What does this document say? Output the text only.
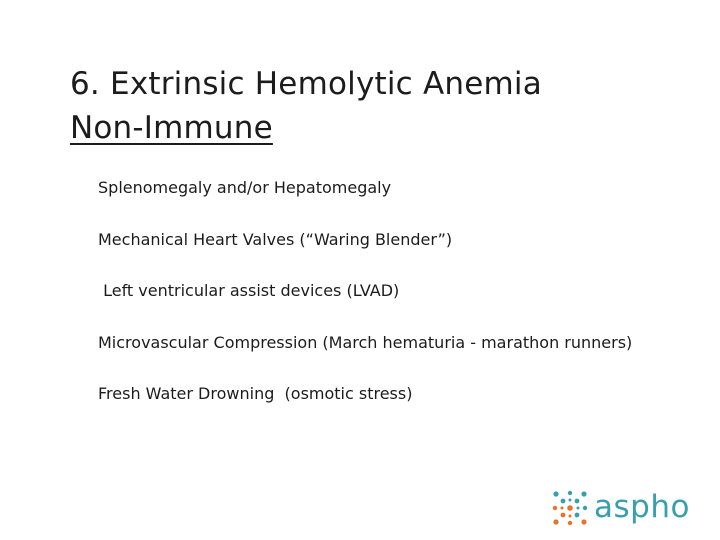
6. Extrinsic Hemolytic Anemia
Non-Immune
Splenomegaly and/or Hepatomegaly
Mechanical Heart Valves (“Waring Blender”)
Left ventricular assist devices (LVAD)
Microvascular Compression (March hematuria - marathon runners)
Fresh Water Drowning  (osmotic stress)
aspho
